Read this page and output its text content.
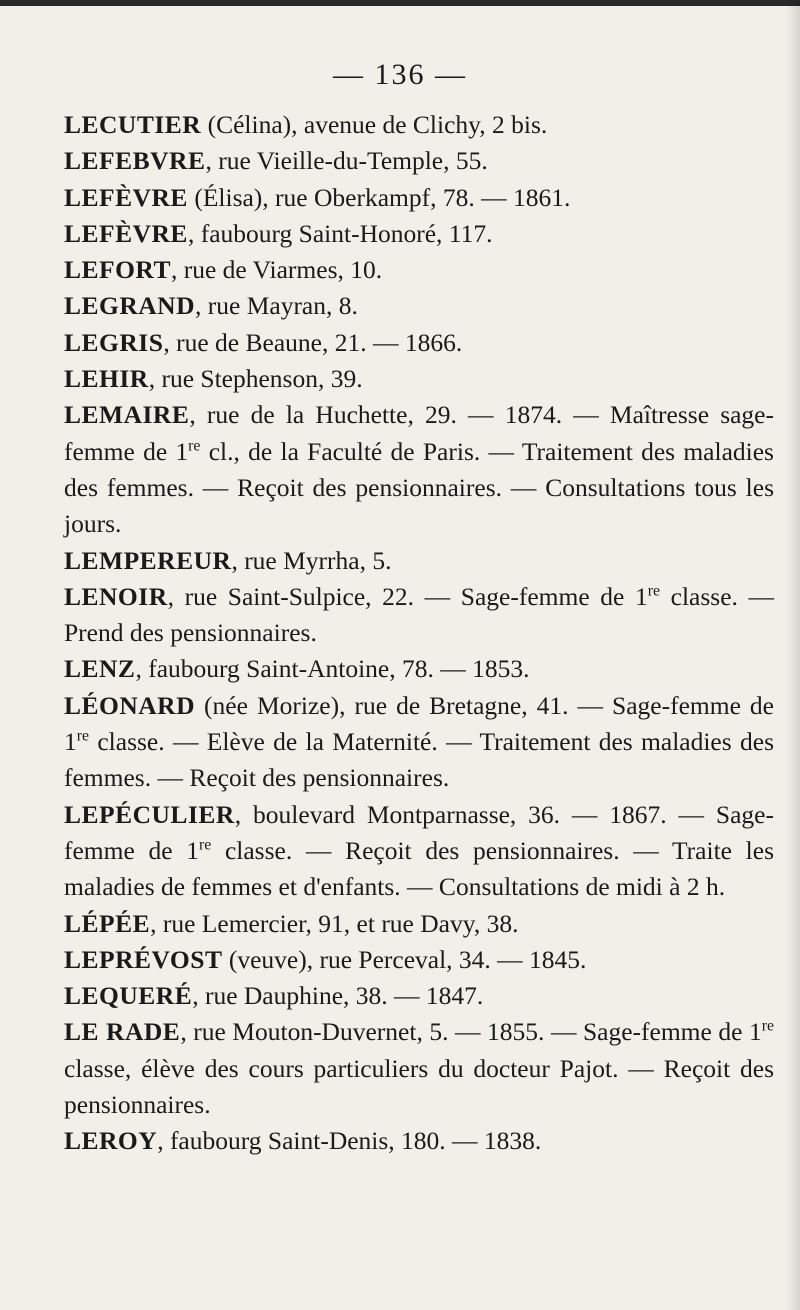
— 136 —

LECUTIER (Célina), avenue de Clichy, 2 bis.

LEFEBVRE, rue Vieille-du-Temple, 55.

LEFÈVRE (Élisa), rue Oberkampf, 78. — 1861.

LEFÈVRE, faubourg Saint-Honoré, 117.

LEFORT, rue de Viarmes, 10.

LEGRAND, rue Mayran, 8.

LEGRIS, rue de Beaune, 21. — 1866.

LEHIR, rue Stephenson, 39.

LEMAIRE, rue de la Huchette, 29. — 1874. — Maîtresse sage-femme de 1re cl., de la Faculté de Paris. — Traitement des maladies des femmes. — Reçoit des pensionnaires. — Consultations tous les jours.

LEMPEREUR, rue Myrrha, 5.

LENOIR, rue Saint-Sulpice, 22. — Sage-femme de 1re classe. — Prend des pensionnaires.

LENZ, faubourg Saint-Antoine, 78. — 1853.

LÉONARD (née Morize), rue de Bretagne, 41. — Sage-femme de 1re classe. — Elève de la Maternité. — Traitement des maladies des femmes. — Reçoit des pensionnaires.

LEPÉCULIER, boulevard Montparnasse, 36. — 1867. — Sage-femme de 1re classe. — Reçoit des pensionnaires. — Traite les maladies de femmes et d'enfants. — Consultations de midi à 2 h.

LÉPÉE, rue Lemercier, 91, et rue Davy, 38.

LEPRÉVOST (veuve), rue Perceval, 34. — 1845.

LEQUERÉ, rue Dauphine, 38. — 1847.

LE RADE, rue Mouton-Duvernet, 5. — 1855. — Sage-femme de 1re classe, élève des cours particuliers du docteur Pajot. — Reçoit des pensionnaires.

LEROY, faubourg Saint-Denis, 180. — 1838.
